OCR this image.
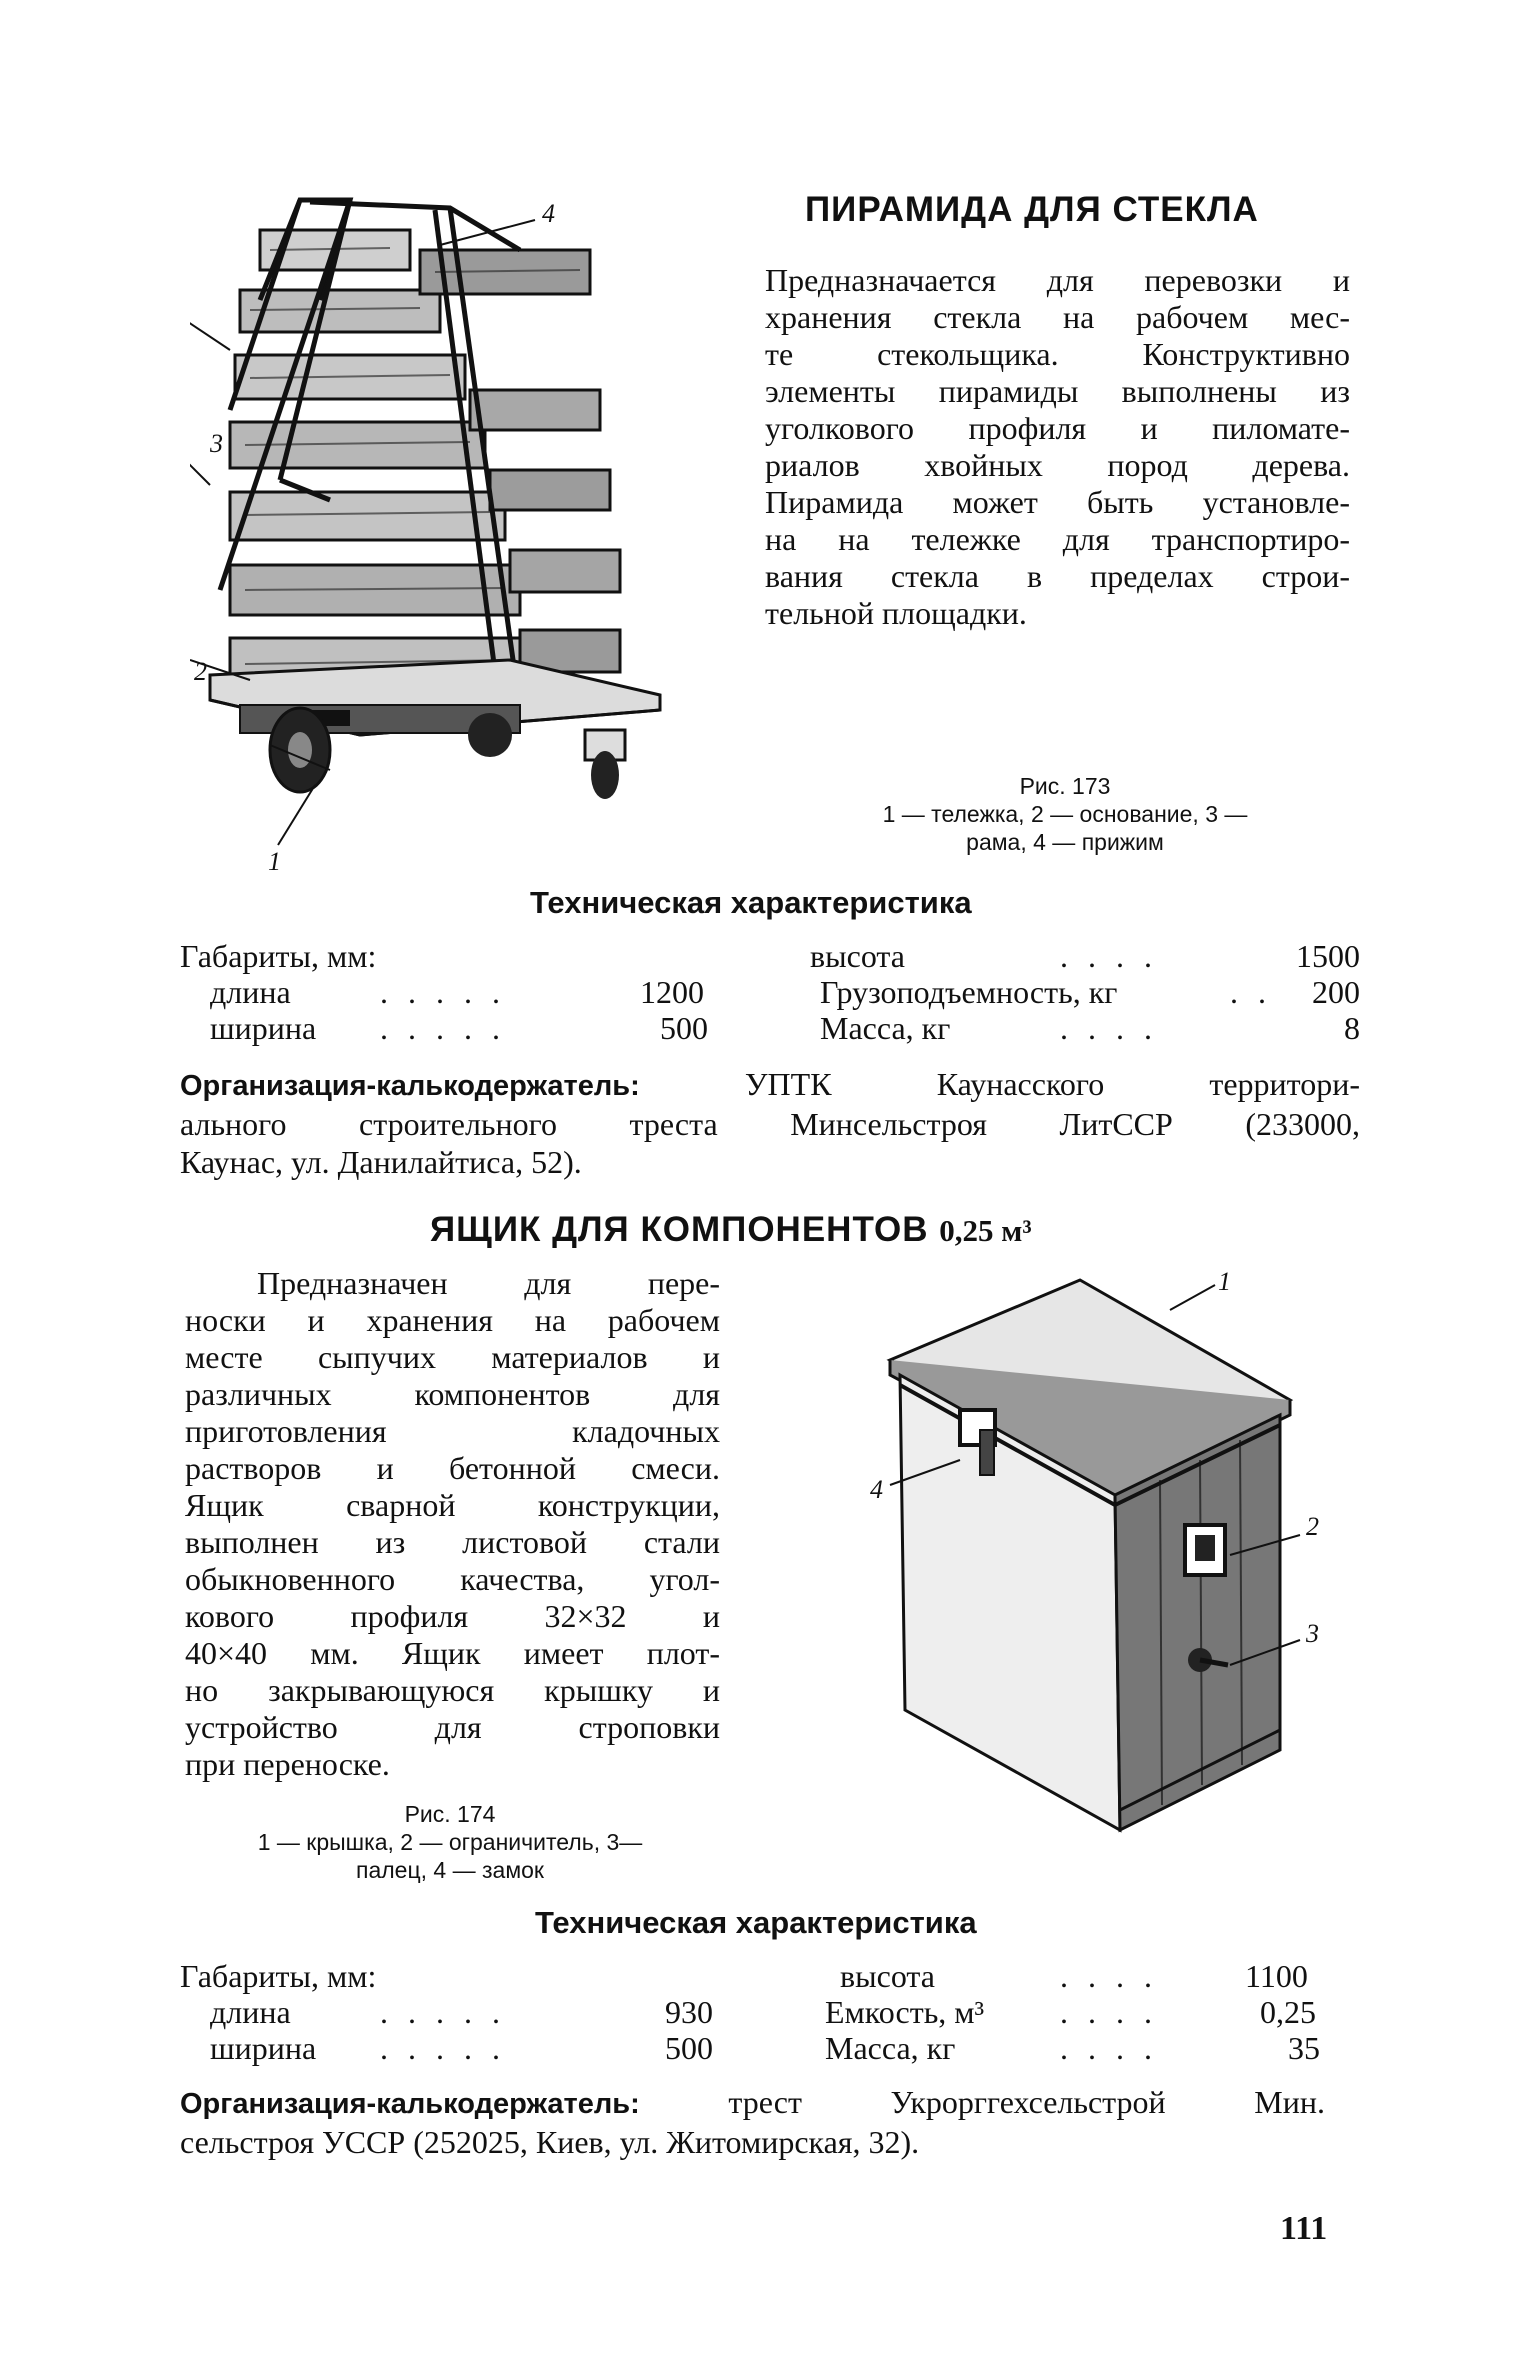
ПИРАМИДА ДЛЯ СТЕКЛА
Предназначается для перевозки и
хранения стекла на рабочем мес-
те стекольщика. Конструктивно
элементы пирамиды выполнены из
уголкового профиля и пиломате-
риалов хвойных пород дерева.
Пирамида может быть установле-
на на тележке для транспортиро-
вания стекла в пределах строи-
тельной площадки.
4
3
2
1
Рис. 173
1 — тележка, 2 — основание, 3 —
рама, 4 — прижим
Техническая характеристика
Габариты, мм:	высота	. . . .	1500
длина	. . . . .	1200	Грузоподъемность, кг	. . 200
ширина . . . . .	500	Масса, кг	. . . .	8
Организация-калькодержатель:	УПТК Каунасского территори-
ального строительного треста Минсельстроя ЛитССР (233000,
Каунас, ул. Данилайтиса, 52).
ЯЩИК ДЛЯ КОМПОНЕНТОВ 0,25 м³
Предназначен для пере-
носки и хранения на рабочем
месте сыпучих материалов и
различных компонентов для
приготовления кладочных
растворов и бетонной смеси.
Ящик сварной конструкции,
выполнен из листовой стали
обыкновенного качества, угол-
кового профиля 32×32 и
40×40 мм. Ящик имеет плот-
но закрывающуюся крышку и
устройство для строповки
при переноске.
1
2
3
4
Рис. 174
1 — крышка, 2 — ограничитель, 3—
палец, 4 — замок
Техническая характеристика
Габариты, мм:	высота	. . . .	1100
длина	. . . . .	930	Емкость, м³ . . . .	0,25
ширина . . . . .	500	Масса, кг	. . . .	35
Организация-калькодержатель:	трест Укрорггехсельстрой Мин.
сельстроя УССР (252025, Киев, ул. Житомирская, 32).
111
